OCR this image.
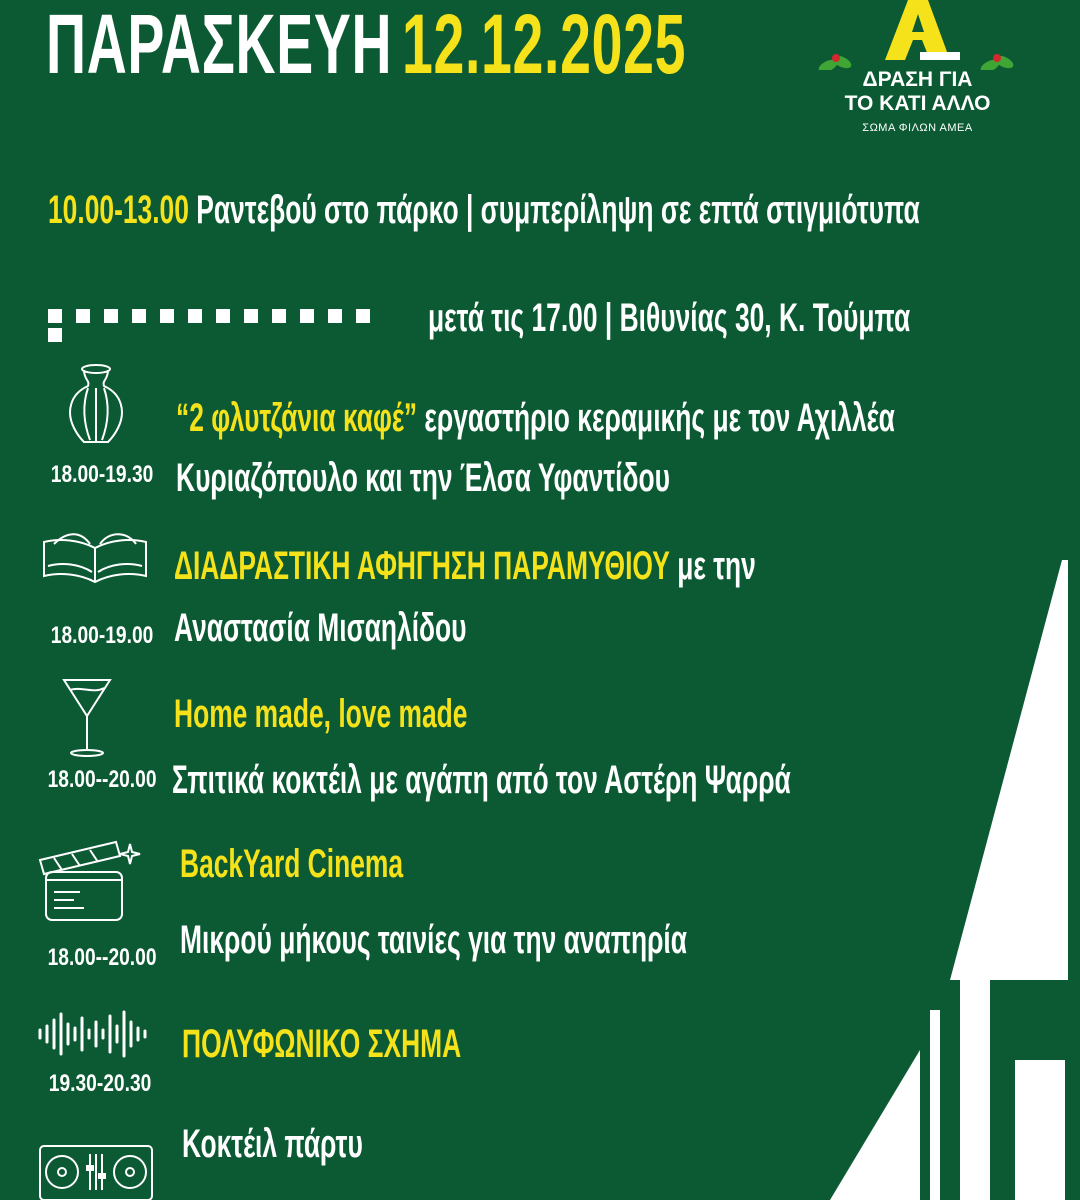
ΠΑΡΑΣΚΕΥΗ 12.12.2025	ΔΡΑΣΗ ΓΙΑ
ΤΟ ΚΑΤΙ ΑΛΛΟ
ΣΩΜΑ ΦΙΛΩΝ ΑΜΕΑ
10.00-13.00 Ραντεβού στο πάρκο | συμπερίληψη σε επτά στιγμιότυπα
μετά τις 17.00 | Βιθυνίας 30, Κ. Τούμπα
18.00-19.30
“2 φλυτζάνια καφέ” εργαστήριο κεραμικής με τον Αχιλλέα
Κυριαζόπουλο και την Έλσα Υφαντίδου
18.00-19.00
ΔΙΑΔΡΑΣΤΙΚΗ ΑΦΗΓΗΣΗ ΠΑΡΑΜΥΘΙΟΥ με την
Αναστασία Μισαηλίδου
18.00--20.00
Home made, love made
Σπιτικά κοκτέιλ με αγάπη από τον Αστέρη Ψαρρά
18.00--20.00
BackYard Cinema
Μικρού μήκους ταινίες για την αναπηρία
19.30-20.30
ΠΟΛΥΦΩΝΙΚΟ ΣΧΗΜΑ
Κοκτέιλ πάρτυ
